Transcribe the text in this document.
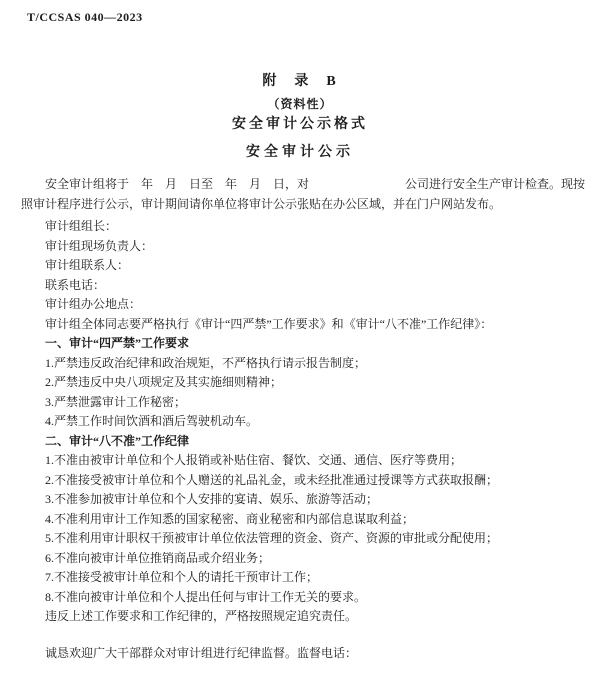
T/CCSAS 040—2023
附　录　B
（资料性）
安全审计公示格式
安全审计公示
安全审计组将于　年　月　日至　年　月　日，对　　　　　　　　公司进行安全生产审计检查。现按
照审计程序进行公示，审计期间请你单位将审计公示张贴在办公区域，并在门户网站发布。
审计组组长：
审计组现场负责人：
审计组联系人：
联系电话：
审计组办公地点：
审计组全体同志要严格执行《审计“四严禁”工作要求》和《审计“八不准”工作纪律》：
一、审计“四严禁”工作要求
1.严禁违反政治纪律和政治规矩，不严格执行请示报告制度；
2.严禁违反中央八项规定及其实施细则精神；
3.严禁泄露审计工作秘密；
4.严禁工作时间饮酒和酒后驾驶机动车。
二、审计“八不准”工作纪律
1.不准由被审计单位和个人报销或补贴住宿、餐饮、交通、通信、医疗等费用；
2.不准接受被审计单位和个人赠送的礼品礼金，或未经批准通过授课等方式获取报酬；
3.不准参加被审计单位和个人安排的宴请、娱乐、旅游等活动；
4.不准利用审计工作知悉的国家秘密、商业秘密和内部信息谋取利益；
5.不准利用审计职权干预被审计单位依法管理的资金、资产、资源的审批或分配使用；
6.不准向被审计单位推销商品或介绍业务；
7.不准接受被审计单位和个人的请托干预审计工作；
8.不准向被审计单位和个人提出任何与审计工作无关的要求。
违反上述工作要求和工作纪律的，严格按照规定追究责任。
诚恳欢迎广大干部群众对审计组进行纪律监督。监督电话：
